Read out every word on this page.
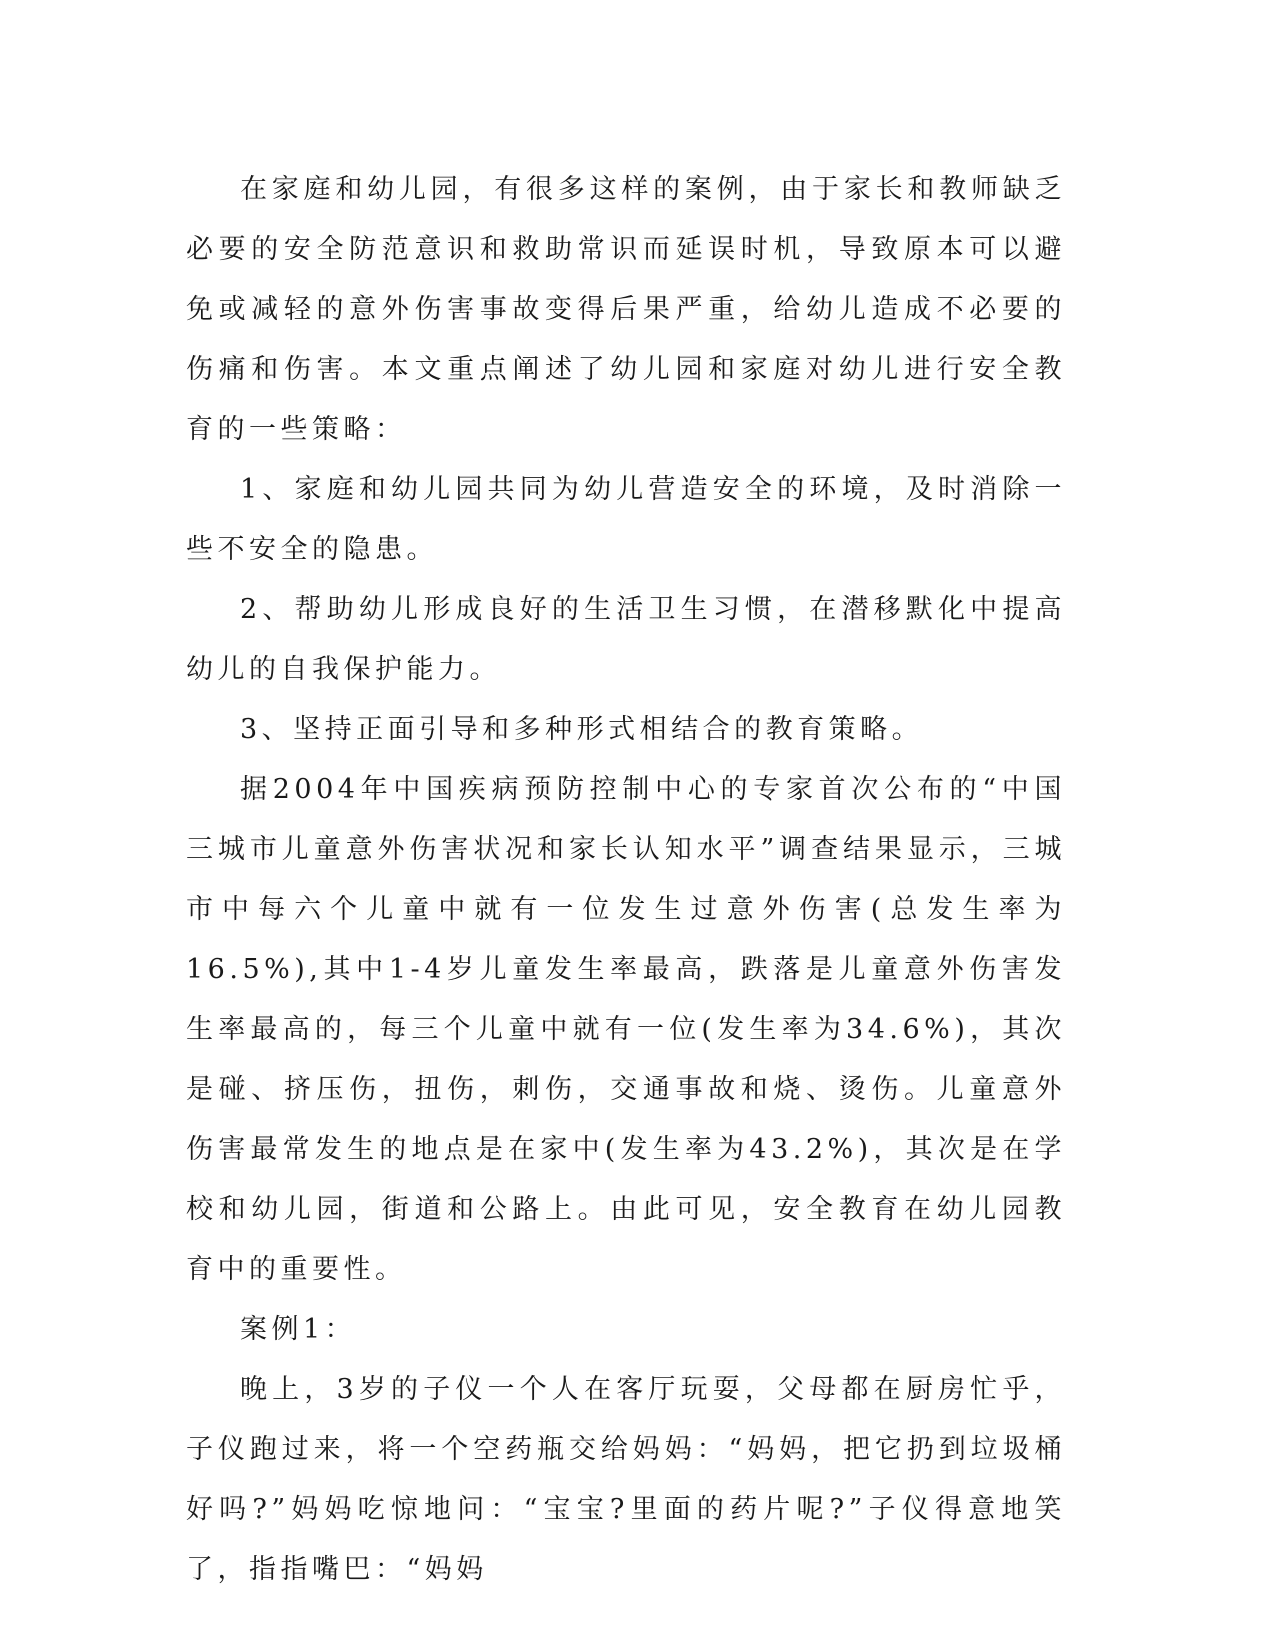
在家庭和幼儿园，有很多这样的案例，由于家长和教师缺乏必要的安全防范意识和救助常识而延误时机，导致原本可以避免或减轻的意外伤害事故变得后果严重，给幼儿造成不必要的伤痛和伤害。本文重点阐述了幼儿园和家庭对幼儿进行安全教育的一些策略：

1、家庭和幼儿园共同为幼儿营造安全的环境，及时消除一些不安全的隐患。

2、帮助幼儿形成良好的生活卫生习惯，在潜移默化中提高幼儿的自我保护能力。

3、坚持正面引导和多种形式相结合的教育策略。

据2004年中国疾病预防控制中心的专家首次公布的“中国三城市儿童意外伤害状况和家长认知水平”调查结果显示，三城市中每六个儿童中就有一位发生过意外伤害(总发生率为16.5%),其中1-4岁儿童发生率最高，跌落是儿童意外伤害发生率最高的，每三个儿童中就有一位(发生率为34.6%)，其次是碰、挤压伤，扭伤，刺伤，交通事故和烧、烫伤。儿童意外伤害最常发生的地点是在家中(发生率为43.2%)，其次是在学校和幼儿园，街道和公路上。由此可见，安全教育在幼儿园教育中的重要性。

案例1：

晚上，3岁的子仪一个人在客厅玩耍，父母都在厨房忙乎，子仪跑过来，将一个空药瓶交给妈妈：“妈妈，把它扔到垃圾桶好吗?”妈妈吃惊地问：“宝宝?里面的药片呢?”子仪得意地笑了，指指嘴巴：“妈妈
